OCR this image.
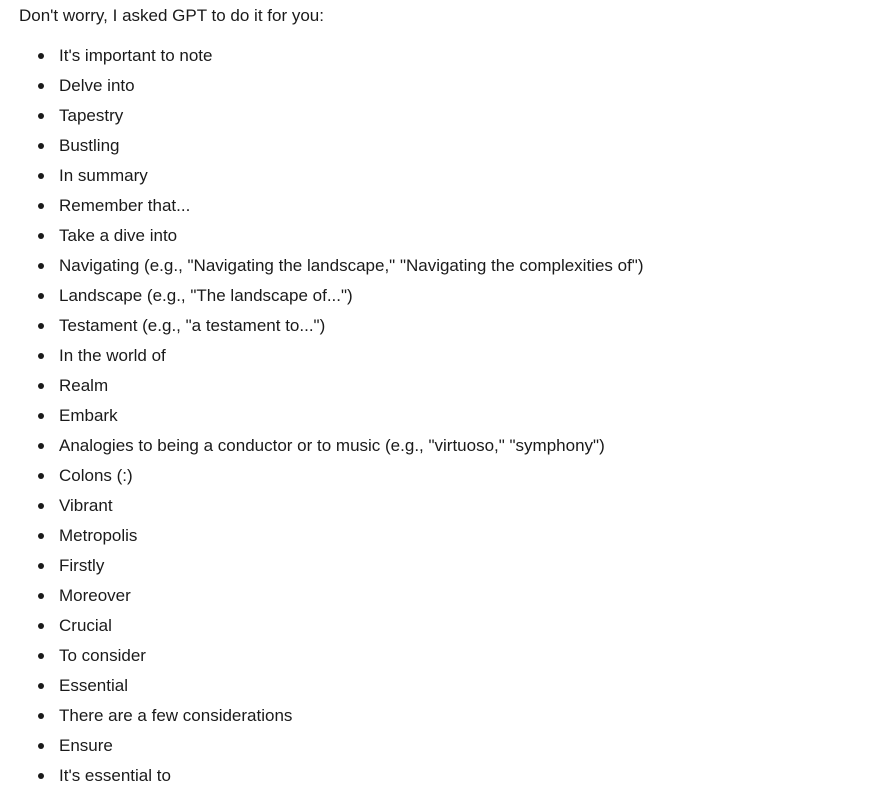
Don't worry, I asked GPT to do it for you:

It's important to note
Delve into
Tapestry
Bustling
In summary
Remember that...
Take a dive into
Navigating (e.g., "Navigating the landscape," "Navigating the complexities of")
Landscape (e.g., "The landscape of...")
Testament (e.g., "a testament to...")
In the world of
Realm
Embark
Analogies to being a conductor or to music (e.g., "virtuoso," "symphony")
Colons (:)
Vibrant
Metropolis
Firstly
Moreover
Crucial
To consider
Essential
There are a few considerations
Ensure
It's essential to
